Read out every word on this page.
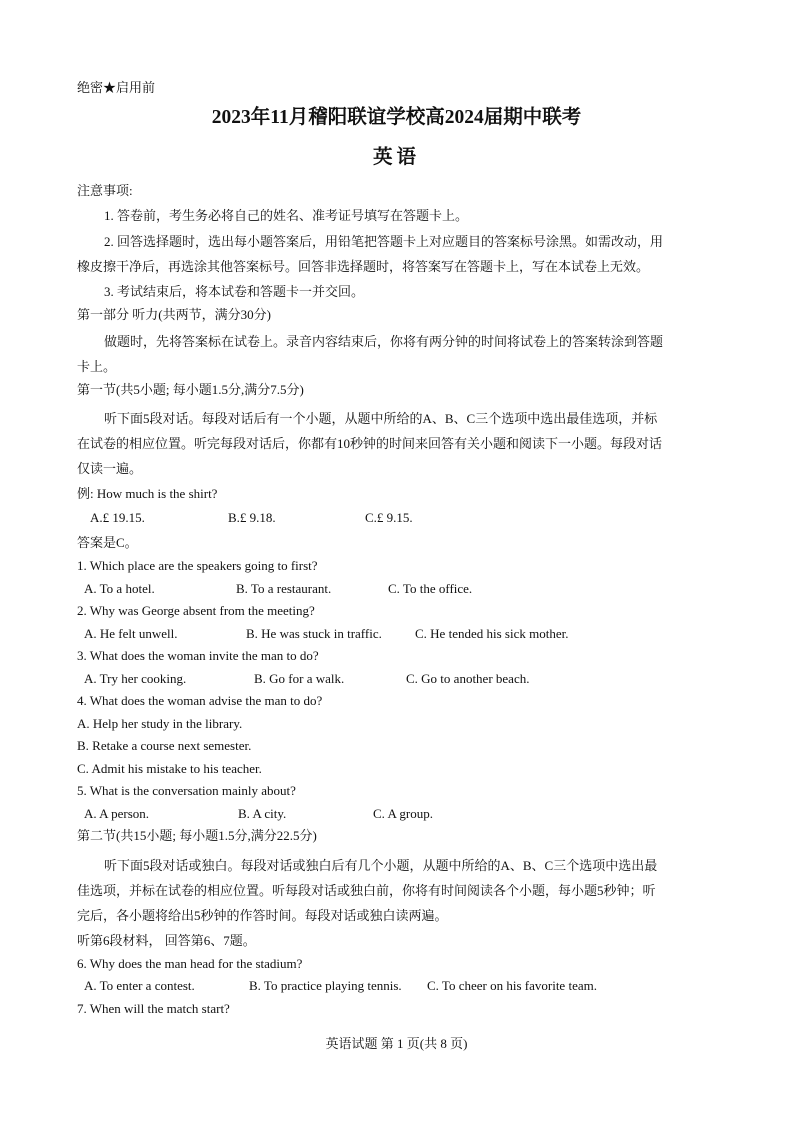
绝密★启用前
2023年11月稽阳联谊学校高2024届期中联考
英语
注意事项:
1. 答卷前，考生务必将自己的姓名、准考证号填写在答题卡上。
2. 回答选择题时，选出每小题答案后，用铅笔把答题卡上对应题目的答案标号涂黑。如需改动，用
橡皮擦干净后，再选涂其他答案标号。回答非选择题时，将答案写在答题卡上，写在本试卷上无效。
3. 考试结束后，将本试卷和答题卡一并交回。
第一部分 听力(共两节，满分30分)
做题时，先将答案标在试卷上。录音内容结束后，你将有两分钟的时间将试卷上的答案转涂到答题
卡上。
第一节(共5小题; 每小题1.5分,满分7.5分)
听下面5段对话。每段对话后有一个小题，从题中所给的A、B、C三个选项中选出最佳选项，并标
在试卷的相应位置。听完每段对话后，你都有10秒钟的时间来回答有关小题和阅读下一小题。每段对话
仅读一遍。
例: How much is the shirt?
A.£ 19.15.	B.£ 9.18.	C.£ 9.15.
答案是C。
1. Which place are the speakers going to first?
A. To a hotel.	B. To a restaurant.	C. To the office.
2. Why was George absent from the meeting?
A. He felt unwell.	B. He was stuck in traffic.	C. He tended his sick mother.
3. What does the woman invite the man to do?
A. Try her cooking.	B. Go for a walk.	C. Go to another beach.
4. What does the woman advise the man to do?
A. Help her study in the library.
B. Retake a course next semester.
C. Admit his mistake to his teacher.
5. What is the conversation mainly about?
A. A person.	B. A city.	C. A group.
第二节(共15小题; 每小题1.5分,满分22.5分)
听下面5段对话或独白。每段对话或独白后有几个小题，从题中所给的A、B、C三个选项中选出最
佳选项，并标在试卷的相应位置。听每段对话或独白前，你将有时间阅读各个小题，每小题5秒钟；听
完后，各小题将给出5秒钟的作答时间。每段对话或独白读两遍。
听第6段材料， 回答第6、7题。
6. Why does the man head for the stadium?
A. To enter a contest.	B. To practice playing tennis. C. To cheer on his favorite team.
7. When will the match start?
英语试题 第 1 页(共 8 页)
